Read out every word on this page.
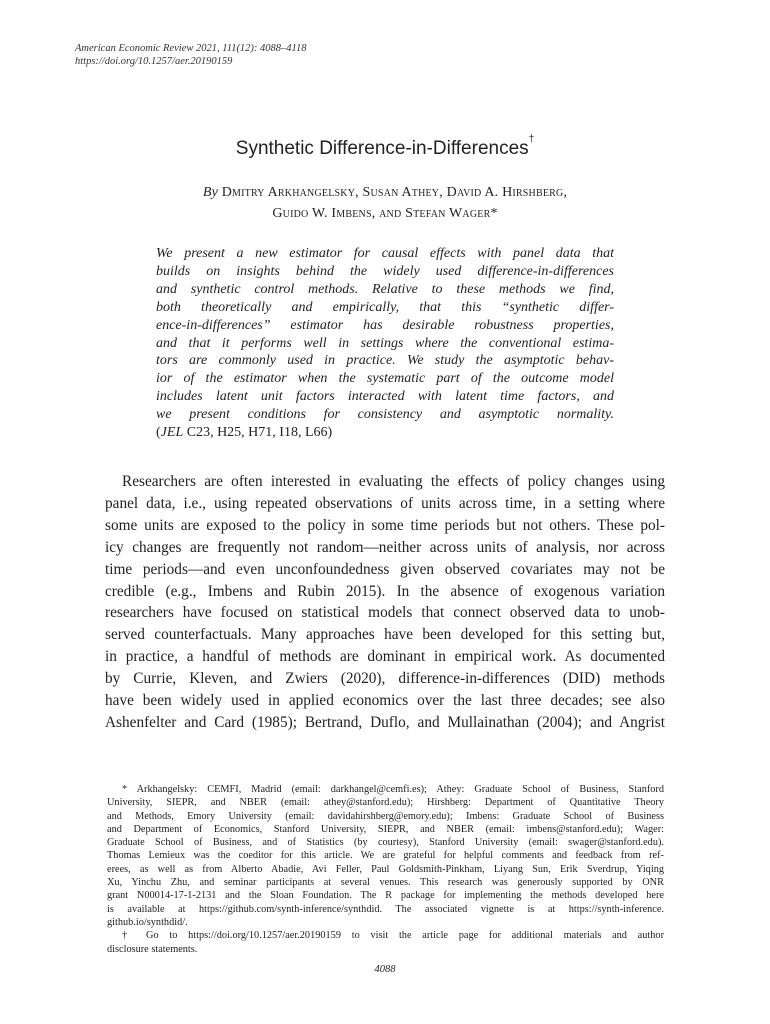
American Economic Review 2021, 111(12): 4088–4118
https://doi.org/10.1257/aer.20190159
Synthetic Difference-in-Differences†
By Dmitry Arkhangelsky, Susan Athey, David A. Hirshberg,
Guido W. Imbens, and Stefan Wager*
We present a new estimator for causal effects with panel data that
builds on insights behind the widely used difference-in-differences
and synthetic control methods. Relative to these methods we find,
both theoretically and empirically, that this “synthetic differ-
ence-in-differences” estimator has desirable robustness properties,
and that it performs well in settings where the conventional estima-
tors are commonly used in practice. We study the asymptotic behav-
ior of the estimator when the systematic part of the outcome model
includes latent unit factors interacted with latent time factors, and
we present conditions for consistency and asymptotic normality.
(JEL C23, H25, H71, I18, L66)
Researchers are often interested in evaluating the effects of policy changes using
panel data, i.e., using repeated observations of units across time, in a setting where
some units are exposed to the policy in some time periods but not others. These pol-
icy changes are frequently not random—neither across units of analysis, nor across
time periods—and even unconfoundedness given observed covariates may not be
credible (e.g., Imbens and Rubin 2015). In the absence of exogenous variation
researchers have focused on statistical models that connect observed data to unob-
served counterfactuals. Many approaches have been developed for this setting but,
in practice, a handful of methods are dominant in empirical work. As documented
by Currie, Kleven, and Zwiers (2020), difference-in-differences (DID) methods
have been widely used in applied economics over the last three decades; see also
Ashenfelter and Card (1985); Bertrand, Duflo, and Mullainathan (2004); and Angrist
* Arkhangelsky: CEMFI, Madrid (email: darkhangel@cemfi.es); Athey: Graduate School of Business, Stanford
University, SIEPR, and NBER (email: athey@stanford.edu); Hirshberg: Department of Quantitative Theory
and Methods, Emory University (email: davidahirshberg@emory.edu); Imbens: Graduate School of Business
and Department of Economics, Stanford University, SIEPR, and NBER (email: imbens@stanford.edu); Wager:
Graduate School of Business, and of Statistics (by courtesy), Stanford University (email: swager@stanford.edu).
Thomas Lemieux was the coeditor for this article. We are grateful for helpful comments and feedback from ref-
erees, as well as from Alberto Abadie, Avi Feller, Paul Goldsmith-Pinkham, Liyang Sun, Erik Sverdrup, Yiqing
Xu, Yinchu Zhu, and seminar participants at several venues. This research was generously supported by ONR
grant N00014-17-1-2131 and the Sloan Foundation. The R package for implementing the methods developed here
is available at https://github.com/synth-inference/synthdid. The associated vignette is at https://synth-inference.
github.io/synthdid/.
† Go to https://doi.org/10.1257/aer.20190159 to visit the article page for additional materials and author
disclosure statements.
4088
